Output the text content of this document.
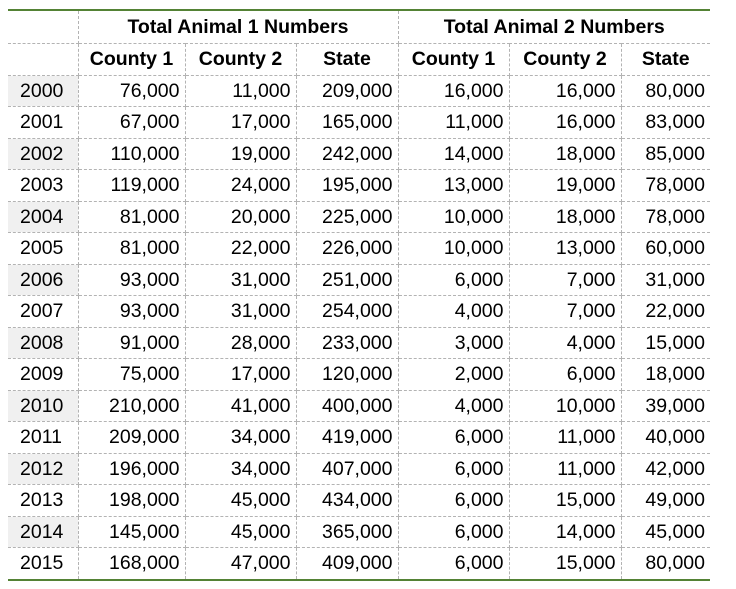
	Total Animal 1 Numbers			Total Animal 2 Numbers		
	County 1	County 2	State	County 1	County 2	State
2000	76,000	11,000	209,000	16,000	16,000	80,000
2001	67,000	17,000	165,000	11,000	16,000	83,000
2002	110,000	19,000	242,000	14,000	18,000	85,000
2003	119,000	24,000	195,000	13,000	19,000	78,000
2004	81,000	20,000	225,000	10,000	18,000	78,000
2005	81,000	22,000	226,000	10,000	13,000	60,000
2006	93,000	31,000	251,000	6,000	7,000	31,000
2007	93,000	31,000	254,000	4,000	7,000	22,000
2008	91,000	28,000	233,000	3,000	4,000	15,000
2009	75,000	17,000	120,000	2,000	6,000	18,000
2010	210,000	41,000	400,000	4,000	10,000	39,000
2011	209,000	34,000	419,000	6,000	11,000	40,000
2012	196,000	34,000	407,000	6,000	11,000	42,000
2013	198,000	45,000	434,000	6,000	15,000	49,000
2014	145,000	45,000	365,000	6,000	14,000	45,000
2015	168,000	47,000	409,000	6,000	15,000	80,000
